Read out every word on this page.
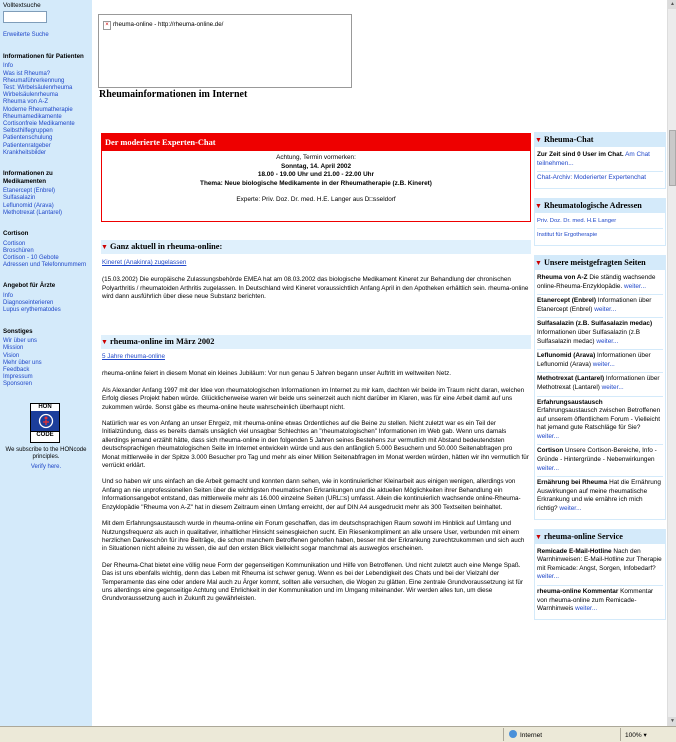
Volltextsuche
Erweiterte Suche
Informationen für Patienten
Info
Was ist Rheuma?
Rheumaführerkennung
Test: Wirbelsäulenrheuma
Wirbelsäulenrheuma
Rheuma von A-Z
Moderne Rheumatherapie
Rheumamedikamente
Cortisonfreie Medikamente
Selbsthilfegruppen
Patientenschulung
Patientenratgeber
Krankheitsbilder
Informationen zu Medikamenten
Etanercept (Enbrel)
Sulfasalazin
Leflunomid (Arava)
Methotrexat (Lantarel)
Cortison
Cortison
Broschüren
Cortison - 10 Gebote
Adressen und Telefonnummern
Angebot für Ärzte
Info
Diagnoseinterieren
Lupus erythematodes
Sonstiges
Wir über uns
Mission
Vision
Mehr über uns
Feedback
Impressum
Sponsoren
HON
CODE
We subscribe to the HONcode principles.
Verify here.
× rheuma-online - http://rheuma-online.de/
Rheumainformationen im Internet
Der moderierte Experten-Chat
Achtung, Termin vormerken:
Sonntag, 14. April 2002
18.00 - 19.00 Uhr und 21.00 - 22.00 Uhr
Thema: Neue biologische Medikamente in der Rheumatherapie (z.B. Kineret)
Experte: Priv. Doz. Dr. med. H.E. Langer aus D□sseldorf
▼ Ganz aktuell in rheuma-online:
Kineret (Anakinra) zugelassen

(15.03.2002) Die europäische Zulassungsbehörde EMEA hat am 08.03.2002 das biologische Medikament Kineret zur Behandlung der chronischen Polyarthritis / rheumatoiden Arthritis zugelassen. In Deutschland wird Kineret voraussichtlich Anfang April in den Apotheken erhältlich sein. rheuma-online wird dann ausführlich über diese neue Substanz berichten.

▼ rheuma-online im März 2002
5 Jahre rheuma-online

rheuma-online feiert in diesem Monat ein kleines Jubiläum: Vor nun genau 5 Jahren begann unser Auftritt im weltweiten Netz.

Als Alexander Anfang 1997 mit der Idee von rheumatologischen Informationen im Internet zu mir kam, dachten wir beide im Traum nicht daran, welchen Erfolg dieses Projekt haben würde. Glücklicherweise waren wir beide uns seinerzeit auch nicht darüber im Klaren, was für eine Arbeit damit auf uns zukommen würde. Sonst gäbe es rheuma-online heute wahrscheinlich überhaupt nicht.

Natürlich war es von Anfang an unser Ehrgeiz, mit rheuma-online etwas Ordentliches auf die Beine zu stellen. Nicht zuletzt war es ein Teil der Initialzündung, dass es bereits damals unsäglich viel unsagbar Schlechtes an "rheumatologischen" Informationen im Web gab. Wenn uns damals allerdings jemand erzählt hätte, dass sich rheuma-online in den folgenden 5 Jahren seines Bestehens zur vermutlich mit Abstand bedeutendsten deutschsprachigen rheumatologischen Seite im Internet entwickeln würde und aus den anfänglich 5.000 Besuchern und 50.000 Seitenabfragen pro Monat mittlerweile in der Spitze 3.000 Besucher pro Tag und mehr als einer Million Seitenabfragen im Monat werden würden, hätten wir ihn vermutlich für verrückt erklärt.

Und so haben wir uns einfach an die Arbeit gemacht und konnten dann sehen, wie in kontinuierlicher Kleinarbeit aus einigen wenigen, allerdings von Anfang an nie unprofessionellen Seiten über die wichtigsten rheumatischen Erkrankungen und die aktuellen Möglichkeiten ihrer Behandlung ein Informationsangebot entstand, das mittlerweile mehr als 16.000 einzelne Seiten (URL□s) umfasst. Allein die kontinuierlich wachsende online-Rheuma-Enzyklopädie "Rheuma von A-Z" hat in diesem Zeitraum einen Umfang erreicht, der auf DIN A4 ausgedruckt mehr als 300 Textseiten beinhaltet.

Mit dem Erfahrungsaustausch wurde in rheuma-online ein Forum geschaffen, das im deutschsprachigen Raum sowohl im Hinblick auf Umfang und Nutzungsfrequenz als auch in qualitativer, inhaltlicher Hinsicht seinesgleichen sucht. Ein Riesenkompliment an alle unsere User, verbunden mit einem herzlichen Dankeschön für ihre Beiträge, die schon manchem Betroffenen geholfen haben, besser mit der Erkrankung zurechtzukommen und sich auch in Situationen nicht alleine zu wissen, die auf den ersten Blick vielleicht sogar manchmal als ausweglos erscheinen.

Der Rheuma-Chat bietet eine völlig neue Form der gegenseitigen Kommunikation und Hilfe von Betroffenen. Und nicht zuletzt auch eine Menge Spaß. Das ist uns ebenfalls wichtig, denn das Leben mit Rheuma ist schwer genug. Wenn es bei der Lebendigkeit des Chats und bei der Vielzahl der Temperamente das eine oder andere Mal auch zu Ärger kommt, sollten alle versuchen, die Wogen zu glätten. Eine zentrale Grundvoraussetzung ist für uns allerdings eine gegenseitige Achtung und Ehrlichkeit in der Kommunikation und im Umgang miteinander. Wir werden alles tun, um diese Grundvoraussetzung auch in Zukunft zu gewährleisten.

▼ Rheuma-Chat
Zur Zeit sind 0 User im Chat. Am Chat teilnehmen...
Chat-Archiv: Moderierter Expertenchat
▼ Rheumatologische Adressen
Priv. Doz. Dr. med. H.E Langer
Institut für Ergotherapie
▼ Unsere meistgefragten Seiten
Rheuma von A-Z Die ständig wachsende online-Rheuma-Enzyklopädie. weiter...
Etanercept (Enbrel) Informationen über Etanercept (Enbrel) weiter...
Sulfasalazin (z.B. Sulfasalazin medac) Informationen über Sulfasalazin (z.B Sulfasalazin medac) weiter...
Leflunomid (Arava) Informationen über Leflunomid (Arava) weiter...
Methotrexat (Lantarel) Informationen über Methotrexat (Lantarel) weiter...
Erfahrungsaustausch Erfahrungsaustausch zwischen Betroffenen auf unserem öffentlichem Forum - Vielleicht hat jemand gute Ratschläge für Sie? weiter...
Cortison Unsere Cortison-Bereiche, Info - Gründe - Hintergründe - Nebenwirkungen weiter...
Ernährung bei Rheuma Hat die Ernährung Auswirkungen auf meine rheumatische Erkrankung und wie ernähre ich mich richtig? weiter...
▼ rheuma-online Service
Remicade E-Mail-Hotline Nach den Warnhinweisen: E-Mail-Hotline zur Therapie mit Remicade: Angst, Sorgen, Infobedarf? weiter...
rheuma-online Kommentar Kommentar von rheuma-online zum Remicade-Warnhinweis weiter...
▲
▼
Internet	100% ▾
